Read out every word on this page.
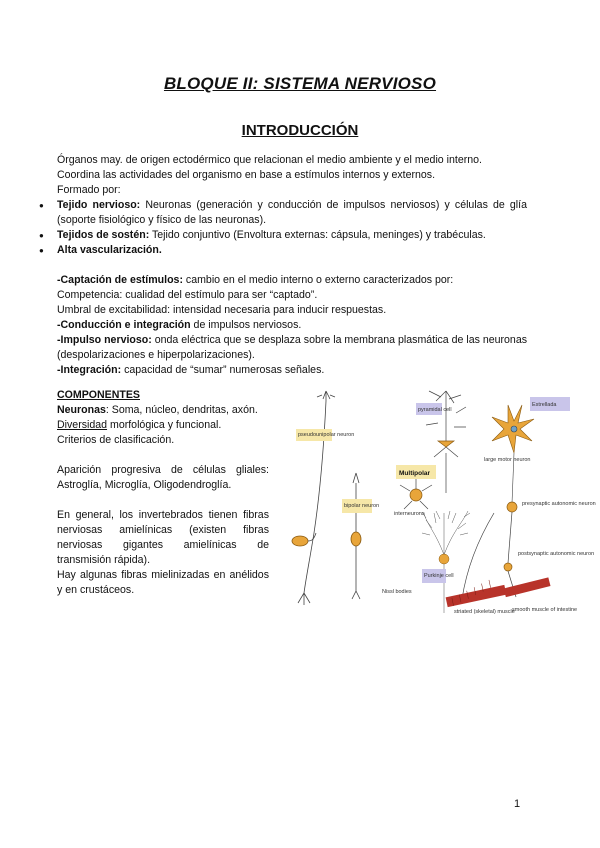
BLOQUE II: SISTEMA NERVIOSO
INTRODUCCIÓN

Órganos may. de origen ectodérmico que relacionan el medio ambiente y el medio interno.

Coordina las actividades del organismo en base a estímulos internos y externos.

Formado por:

● Tejido nervioso: Neuronas (generación y conducción de impulsos nerviosos) y células de glía (soporte fisiológico y físico de las neuronas).
● Tejidos de sostén: Tejido conjuntivo (Envoltura externas: cápsula, meninges) y trabéculas.
● Alta vascularización.

-Captación de estímulos: cambio en el medio interno o externo caracterizados por:

Competencia: cualidad del estímulo para ser “captado”.

Umbral de excitabilidad: intensidad necesaria para inducir respuestas.

-Conducción e integración de impulsos nerviosos.

-Impulso nervioso: onda eléctrica que se desplaza sobre la membrana plasmática de las neuronas (despolarizaciones e hiperpolarizaciones).

-Integración: capacidad de “sumar” numerosas señales.

COMPONENTES

Neuronas: Soma, núcleo, dendritas, axón.

Diversidad morfológica y funcional.

Criterios de clasificación.

Aparición progresiva de células gliales: Astroglía, Microglía, Oligodendroglía.

En general, los invertebrados tienen fibras nerviosas amielínicas (existen fibras nerviosas gigantes amielínicas de transmisión rápida).

Hay algunas fibras mielinizadas en anélidos y en crustáceos.

pseudounipolar neuron
bipolar neuron
pyramidal cell
Multipolar
interneurons
Purkinje cell
Estrellada
large motor neuron
presynaptic autonomic neuron
postsynaptic autonomic neuron
striated (skeletal) muscle
smooth muscle of intestine
Nissl bodies
1
